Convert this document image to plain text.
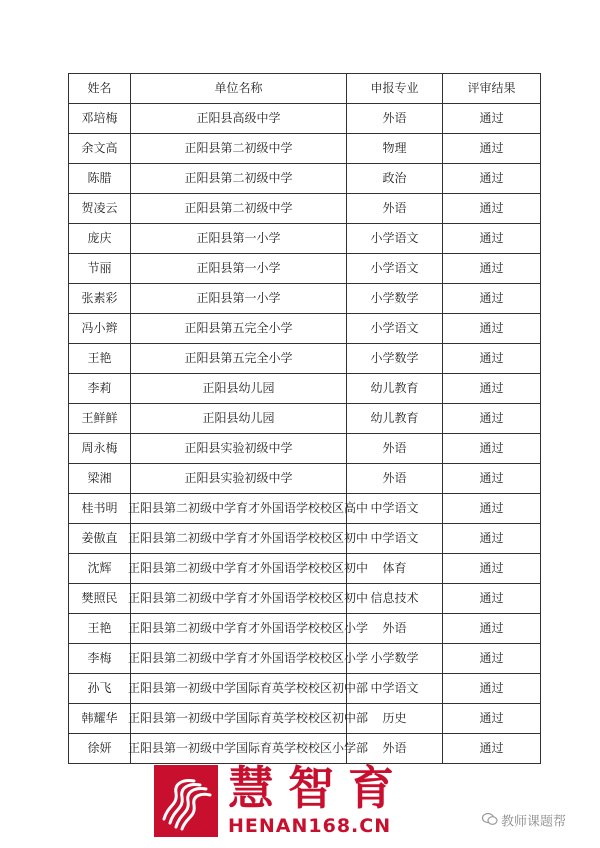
姓名	单位名称	申报专业	评审结果
邓培梅	正阳县高级中学	外语	通过
余文高	正阳县第二初级中学	物理	通过
陈腊	正阳县第二初级中学	政治	通过
贺凌云	正阳县第二初级中学	外语	通过
庞庆	正阳县第一小学	小学语文	通过
节丽	正阳县第一小学	小学语文	通过
张素彩	正阳县第一小学	小学数学	通过
冯小辫	正阳县第五完全小学	小学语文	通过
王艳	正阳县第五完全小学	小学数学	通过
李莉	正阳县幼儿园	幼儿教育	通过
王鲜鲜	正阳县幼儿园	幼儿教育	通过
周永梅	正阳县实验初级中学	外语	通过
梁湘	正阳县实验初级中学	外语	通过
桂书明	正阳县第二初级中学育才外国语学校校区高中	中学语文	通过
姜傲直	正阳县第二初级中学育才外国语学校校区初中	中学语文	通过
沈辉	正阳县第二初级中学育才外国语学校校区初中	体育	通过
樊照民	正阳县第二初级中学育才外国语学校校区初中	信息技术	通过
王艳	正阳县第二初级中学育才外国语学校校区小学	外语	通过
李梅	正阳县第二初级中学育才外国语学校校区小学	小学数学	通过
孙飞	正阳县第一初级中学国际育英学校校区初中部	中学语文	通过
韩耀华	正阳县第一初级中学国际育英学校校区初中部	历史	通过
徐妍	正阳县第一初级中学国际育英学校校区小学部	外语	通过
慧智育
HENAN168.CN	教师课题帮
